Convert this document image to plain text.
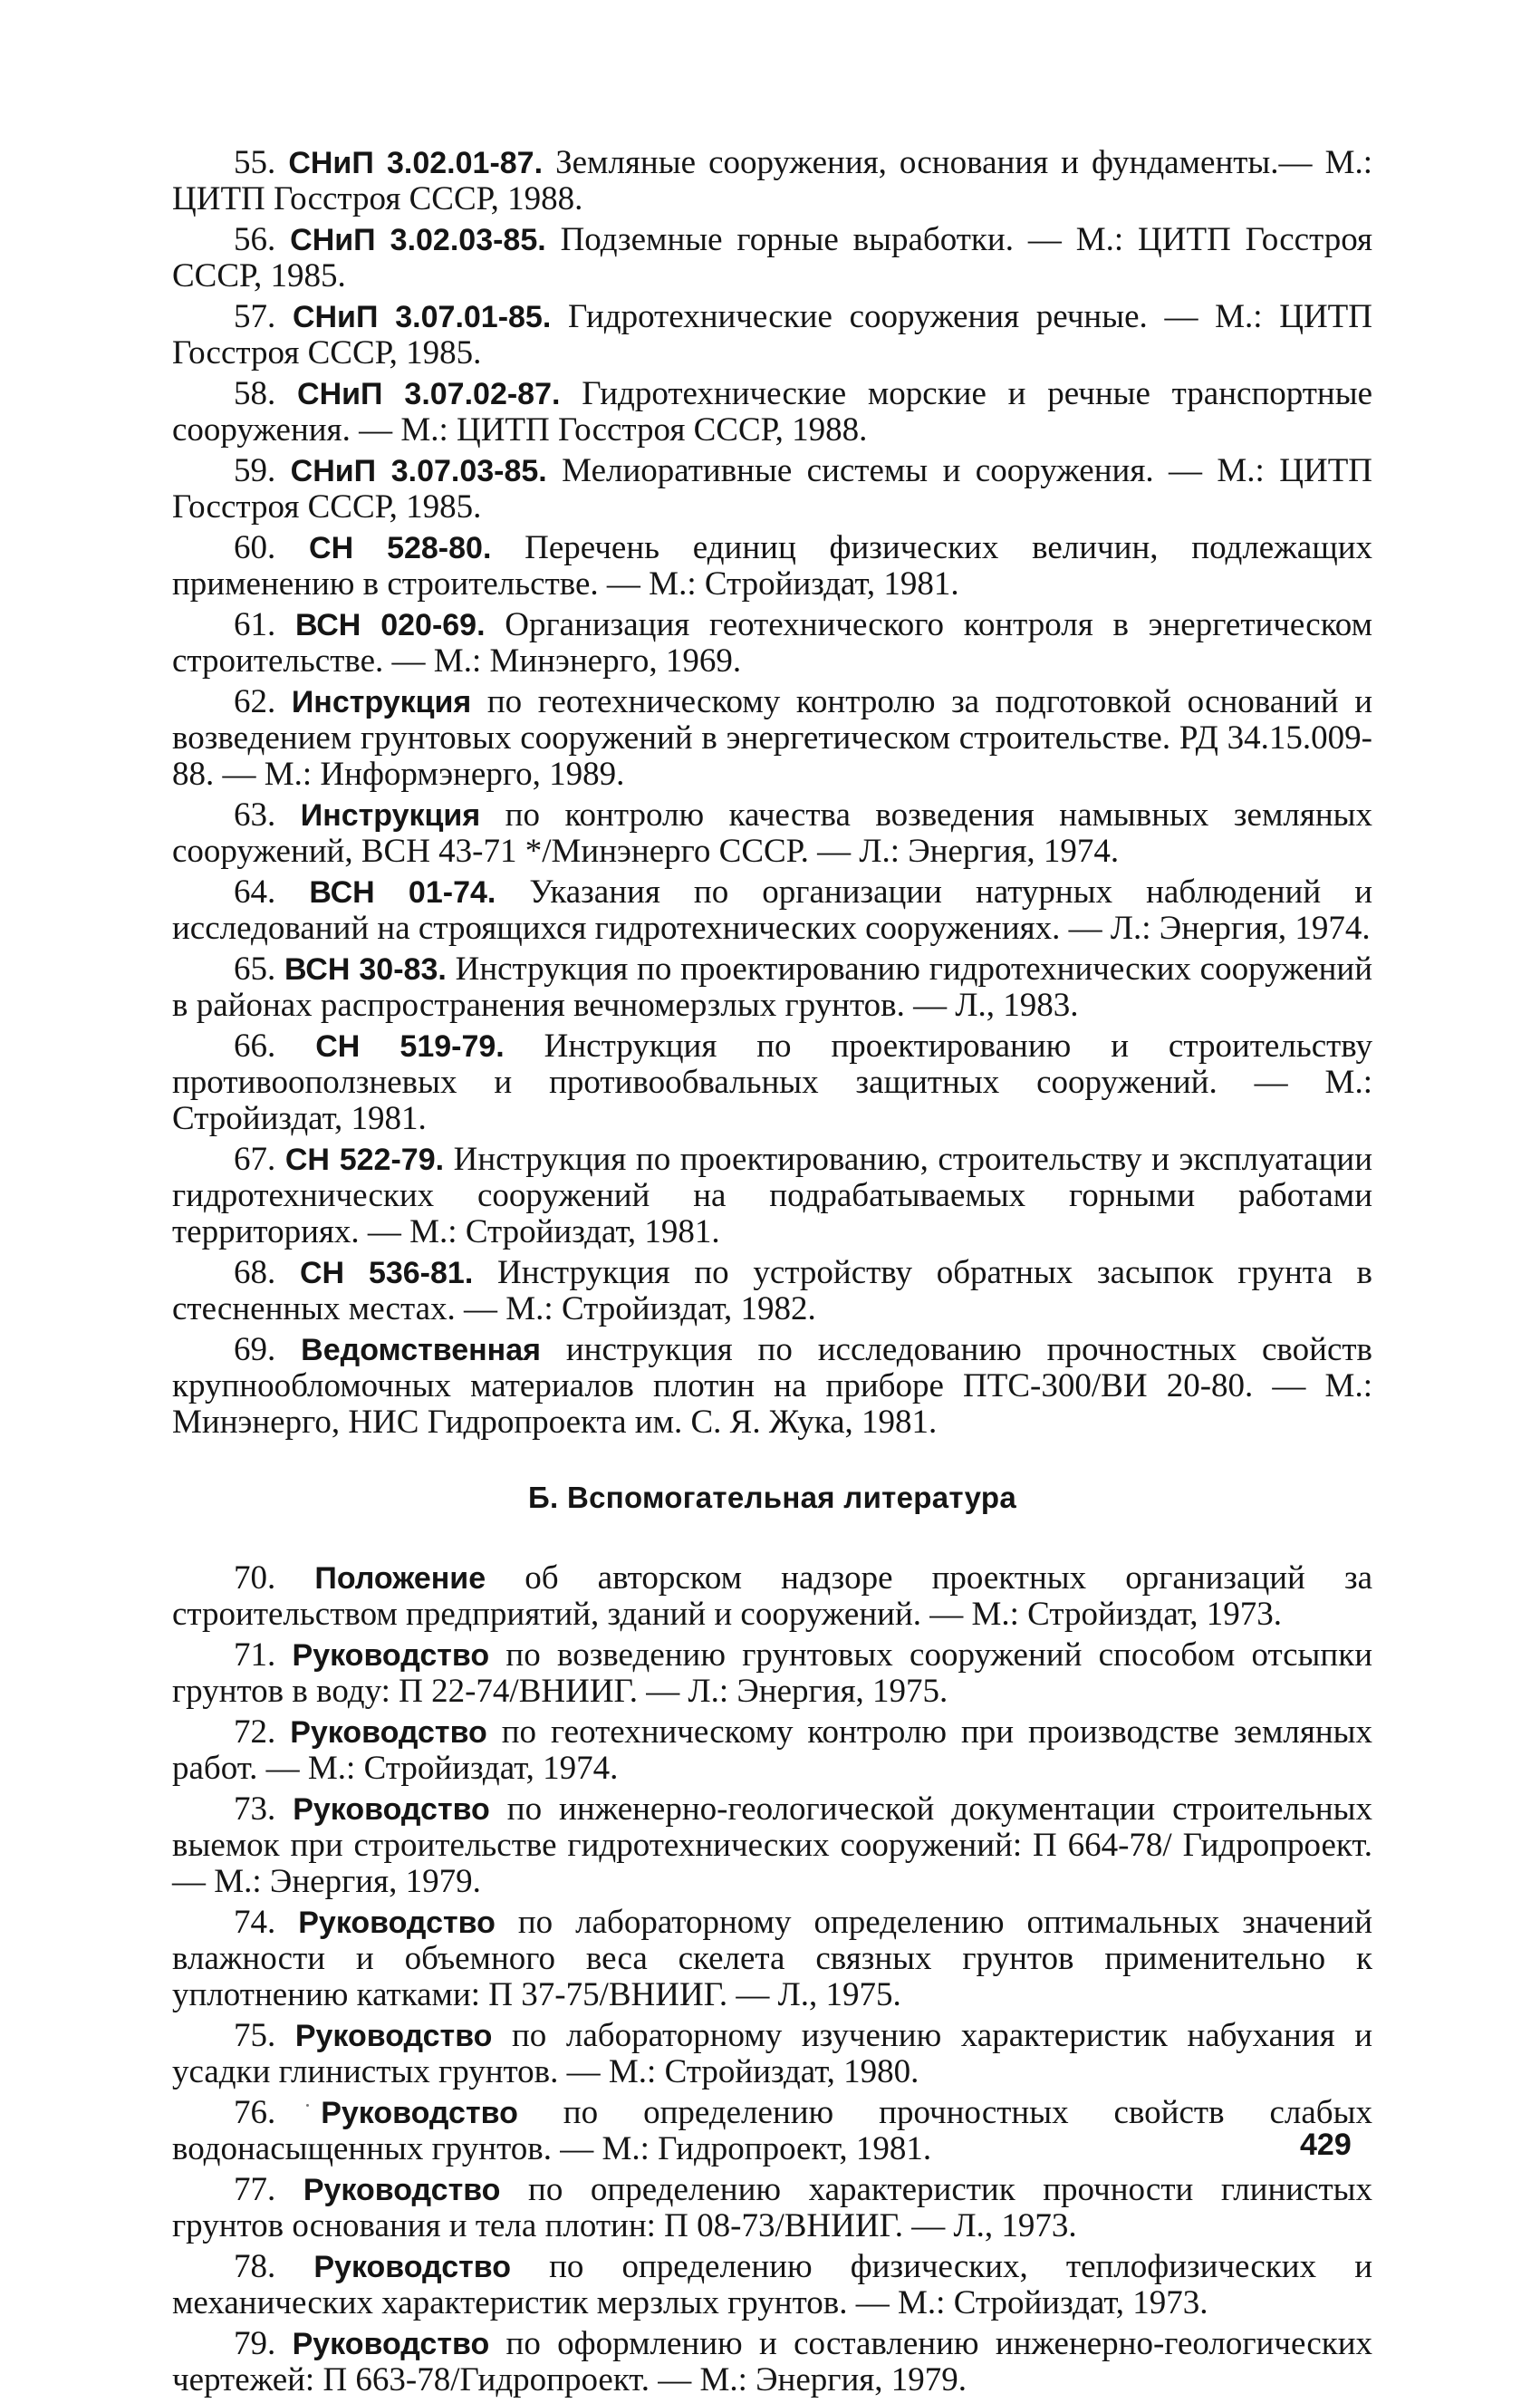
55. СНиП 3.02.01-87. Земляные сооружения, основания и фундаменты.— М.: ЦИТП Госстроя СССР, 1988.

56. СНиП 3.02.03-85. Подземные горные выработки. — М.: ЦИТП Госстроя СССР, 1985.

57. СНиП 3.07.01-85. Гидротехнические сооружения речные. — М.: ЦИТП Госстроя СССР, 1985.

58. СНиП 3.07.02-87. Гидротехнические морские и речные транспортные сооружения. — М.: ЦИТП Госстроя СССР, 1988.

59. СНиП 3.07.03-85. Мелиоративные системы и сооружения. — М.: ЦИТП Госстроя СССР, 1985.

60. СН 528-80. Перечень единиц физических величин, подлежащих применению в строительстве. — М.: Стройиздат, 1981.

61. ВСН 020-69. Организация геотехнического контроля в энергетическом строительстве. — М.: Минэнерго, 1969.

62. Инструкция по геотехническому контролю за подготовкой оснований и возведением грунтовых сооружений в энергетическом строительстве. РД 34.15.009-88. — М.: Информэнерго, 1989.

63. Инструкция по контролю качества возведения намывных земляных сооружений, ВСН 43-71 */Минэнерго СССР. — Л.: Энергия, 1974.

64. ВСН 01-74. Указания по организации натурных наблюдений и исследований на строящихся гидротехнических сооружениях. — Л.: Энергия, 1974.

65. ВСН 30-83. Инструкция по проектированию гидротехнических сооружений в районах распространения вечномерзлых грунтов. — Л., 1983.

66. СН 519-79. Инструкция по проектированию и строительству противооползневых и противообвальных защитных сооружений. — М.: Стройиздат, 1981.

67. СН 522-79. Инструкция по проектированию, строительству и эксплуатации гидротехнических сооружений на подрабатываемых горными работами территориях. — М.: Стройиздат, 1981.

68. СН 536-81. Инструкция по устройству обратных засыпок грунта в стесненных местах. — М.: Стройиздат, 1982.

69. Ведомственная инструкция по исследованию прочностных свойств крупнообломочных материалов плотин на приборе ПТС-300/ВИ 20-80. — М.: Минэнерго, НИС Гидропроекта им. С. Я. Жука, 1981.

Б. Вспомогательная литература

70. Положение об авторском надзоре проектных организаций за строительством предприятий, зданий и сооружений. — М.: Стройиздат, 1973.

71. Руководство по возведению грунтовых сооружений способом отсыпки грунтов в воду: П 22-74/ВНИИГ. — Л.: Энергия, 1975.

72. Руководство по геотехническому контролю при производстве земляных работ. — М.: Стройиздат, 1974.

73. Руководство по инженерно-геологической документации строительных выемок при строительстве гидротехнических сооружений: П 664-78/ Гидропроект. — М.: Энергия, 1979.

74. Руководство по лабораторному определению оптимальных значений влажности и объемного веса скелета связных грунтов применительно к уплотнению катками: П 37-75/ВНИИГ. — Л., 1975.

75. Руководство по лабораторному изучению характеристик набухания и усадки глинистых грунтов. — М.: Стройиздат, 1980.

76. Руководство по определению прочностных свойств слабых водонасыщенных грунтов. — М.: Гидропроект, 1981.

77. Руководство по определению характеристик прочности глинистых грунтов основания и тела плотин: П 08-73/ВНИИГ. — Л., 1973.

78. Руководство по определению физических, теплофизических и механических характеристик мерзлых грунтов. — М.: Стройиздат, 1973.

79. Руководство по оформлению и составлению инженерно-геологических чертежей: П 663-78/Гидропроект. — М.: Энергия, 1979.

429
